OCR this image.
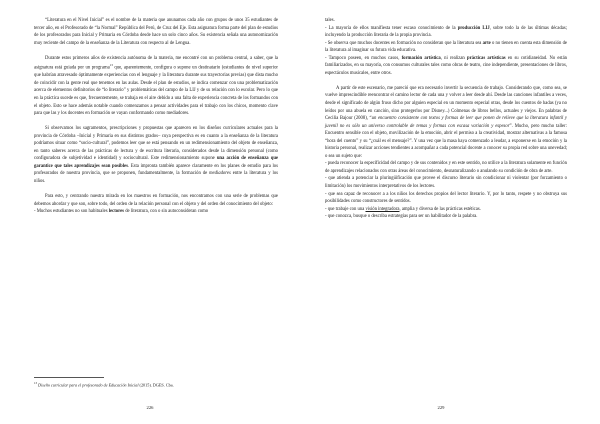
“Literatura en el Nivel Inicial” es el nombre de la materia que anunamos cada año con grupos de unos 35 estudiantes de tercer año, en el Profesorado de “la Normal” República del Perú, de Cruz del Eje. Esta asignatura forma parte del plan de estudios de los profesorados para Inicial y Primaria en Córdoba desde hace un solo cinco años. Su existencia señala una autonomización muy reciente del campo de la enseñanza de la Literatura con respecto al de Lengua.

Durante estos primeros años de existencia autónoma de la materia, me encontré con un problema central, a saber, que la asignatura está guiada por un programa$^{13}$ que, aparentemente, configura o supone un destinatario (estudiantes de nivel superior que habrían atravesado óptimamente experiencias con el lenguaje y la literatura durante sus trayectorias previas) que dista mucho de coincidir con la gente real que tenemos en las aulas. Desde el plan de estudios, se indica comenzar con una problematización acerca de elementos definitorios de “lo literario” y problemáticas del campo de la LIJ y de su relación con lo escolar. Pero lo que en la práctica sucede es que, frecuentemente, se trabaja en el aire debido a una falta de experiencia concreta de los formandos con el objeto. Esto se hace además notable cuando comenzamos a pensar actividades para el trabajo con los chicos, momento clave para que las y los docentes en formación se vayan conformando como mediadores.

Si observamos los sagramentos, prescripciones y propuestas que aparecen en los diseños curriculares actuales para la provincia de Córdoba –Inicial y Primaria en sus distintos grados– cuya perspectiva es en cuanto a la enseñanza de la literatura podríamos situar como “socio-cultural”, podemos leer que se está pensando en un redimensionamiento del objeto de enseñanza, en tanto saberes acerca de las prácticas de lectura y de escritura literaria, considerados desde la dimensión personal (como configuradora de subjetividad e identidad) y sociocultural. Este redimensionamiento supone una acción de enseñanza que garantice que tales aprendizajes sean posibles. Esta impronta también aparece claramente en los planes de estudio para los profesorados de nuestra provincia, que se proponen, fundamentalmente, la formación de mediadores entre la literatura y los niños.

Para esto, y centrando nuestra mirada en los maestros en formación, nos encontramos con una serie de problemas que debemos abordar y que son, sobre todo, del orden de la relación personal con el objeto y del orden del conocimiento del objeto:

- Muchos estudiantes no son habituales lectores de literatura, con o sin autoconsideran como

$^{13}$ Diseño curricular para el profesorado de Educación Inicial (2015). DGES. Cba.
226

tales.

- La mayoría de ellos manifiesta tener escaso conocimiento de la producción LIJ, sobre todo la de las últimas décadas; incluyendo la producción literaria de la propia provincia.

- Se observa que muchos docentes en formación no consideran que la literatura sea arte o no tienen en cuenta esta dimensión de la literatura al imaginar su futura vida educativa.

- Tampoco poseen, en muchos casos, formación artística, ni realizan prácticas artísticas en su cotidianeidad. No están familiarizados, en su mayoría, con consumos culturales tales como obras de teatro, cine independiente, presentaciones de libros, espectáculos musicales, entre otros.

A partir de este escenario, me pareció que era necesario invertir la secuencia de trabajo. Considerando que, como sea, se vuelve imprescindible reencontrar el camino lector de cada una y volver a leer desde ahí. Desde las canciones infantiles a veces, desde el significado de algún fruso dicho por alguien especial en un momento especial otras, desde los cuentos de hadas (ya no leídos por una abuela en canción, sino protegerlos por Disney...) Colmenas de libros bellos, actuales y viejos. En palabras de Cecilia Bajour (2008), “un encuentro consistente con textos y formas de leer que ponen de relieve que la literatura infantil y juvenil no es sólo un universo controlable de temas y formas con escasa variación y espesor”. Mucho, pero mucho taller: Encuentro sensible con el objeto, movilización de la emoción, abrir el permiso a la creatividad, mostrar alternativas a la famosa “hora del cuento” y su “¿cuál es el mensaje?”. Y una vez que la masa haya comenzado a leudar, a exponerse en la emoción y la historia personal, realizar acciones tendientes a acompañar a cada potencial docente a conocer su propia red sobre una unevedad; o sea un sujeto que:

- pueda reconocer la especificidad del campo y de sus contenidos y en este sentido, no utilice a la literatura solamente en función de aprendizajes relacionados con otras áreas del conocimiento, desnaturalizando o anulando su condición de obra de arte.

- que atienda a potenciar la pluringüificación que provee el discurso literario sin condicionar ni violentar (por forzamiento o limitación) los movimientos interpretativos de los lectores.

- que sea capaz de reconocer a a los niños los derechos propios del lector literario. Y, por lo tanto, respete y no obstruya sus posibilidades como constructores de sentidos.

- que trabaje con una visión integradora, amplia y diversa de las prácticas estéticas.

- que conozca, busque o describa estrategias para ser un habilitador de la palabra.

229
